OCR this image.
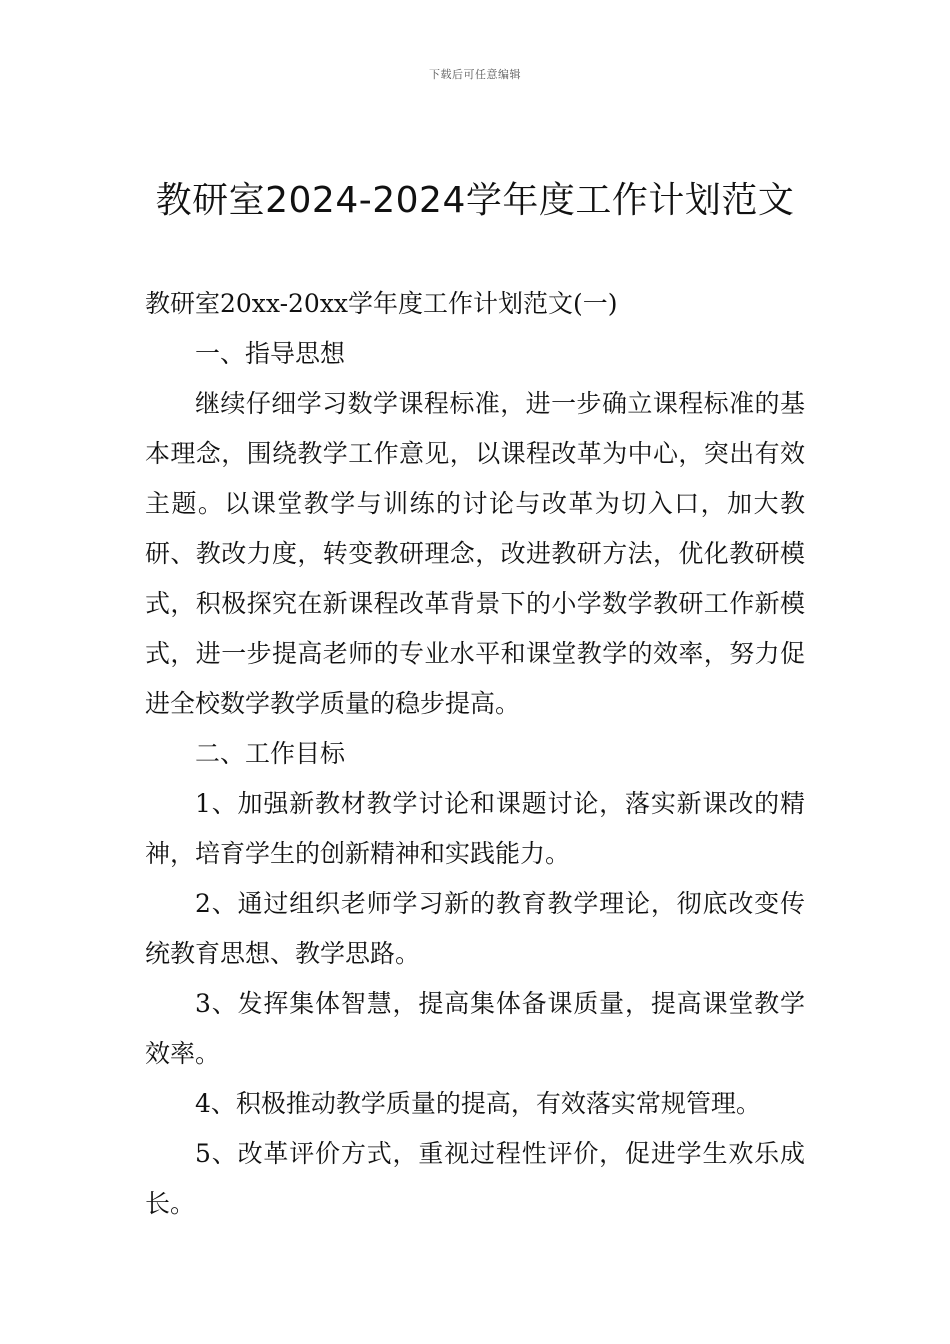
下载后可任意编辑
教研室2024-2024学年度工作计划范文

教研室20xx-20xx学年度工作计划范文(一)

一、指导思想

继续仔细学习数学课程标准，进一步确立课程标准的基本理念，围绕教学工作意见，以课程改革为中心，突出有效主题。以课堂教学与训练的讨论与改革为切入口，加大教研、教改力度，转变教研理念，改进教研方法，优化教研模式，积极探究在新课程改革背景下的小学数学教研工作新模式，进一步提高老师的专业水平和课堂教学的效率，努力促进全校数学教学质量的稳步提高。

二、工作目标

1、加强新教材教学讨论和课题讨论，落实新课改的精神，培育学生的创新精神和实践能力。

2、通过组织老师学习新的教育教学理论，彻底改变传统教育思想、教学思路。

3、发挥集体智慧，提高集体备课质量，提高课堂教学效率。

4、积极推动教学质量的提高，有效落实常规管理。

5、改革评价方式，重视过程性评价，促进学生欢乐成长。
